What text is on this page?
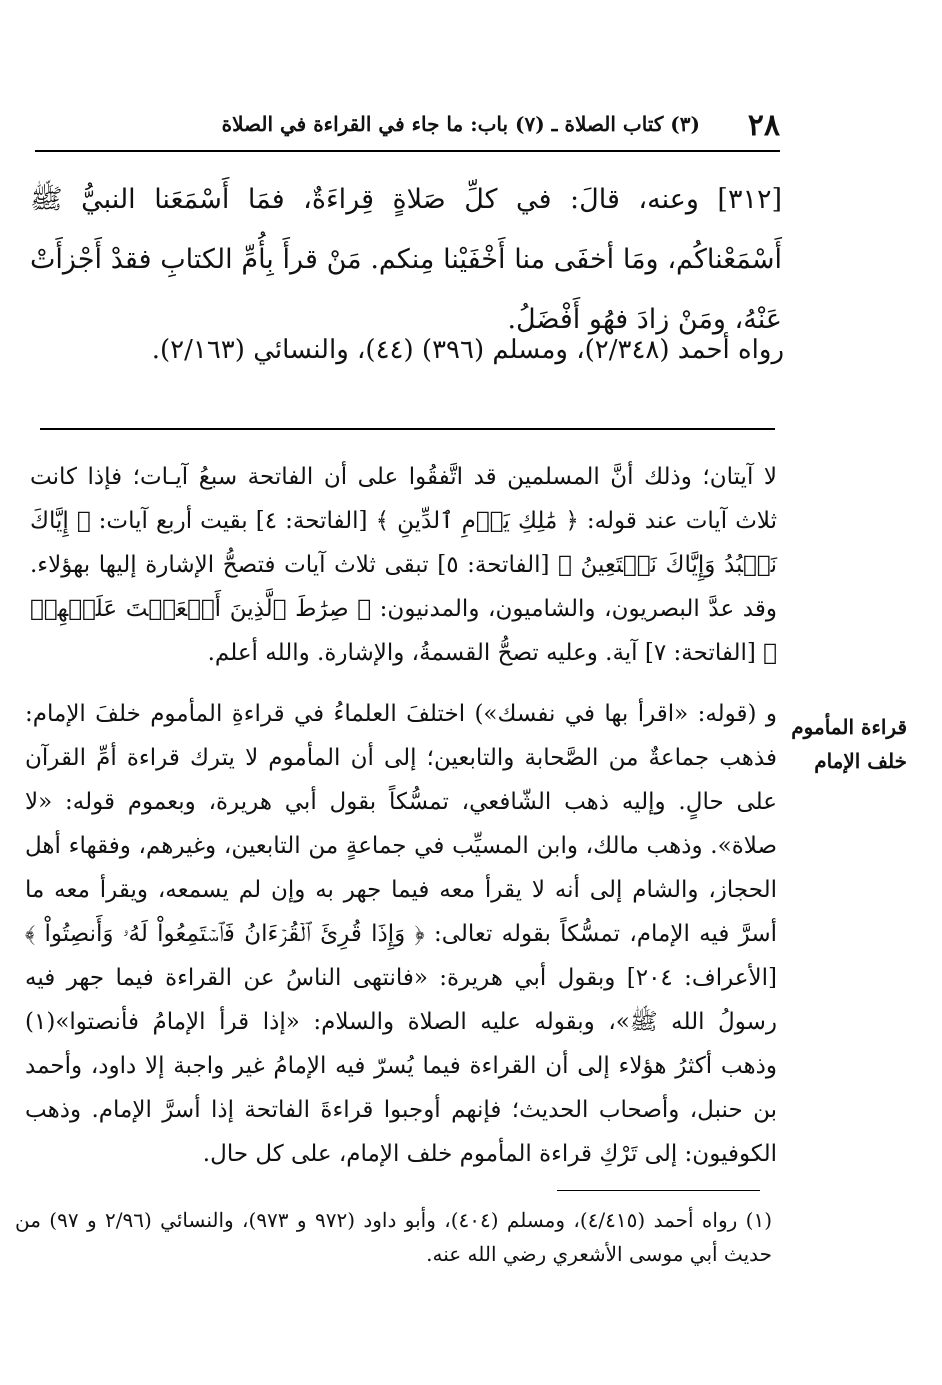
(٣) كتاب الصلاة ـ (٧) باب: ما جاء في القراءة في الصلاة ٢٨

[٣١٢] وعنه، قالَ: في كلِّ صَلاةٍ قِراءَةٌ، فمَا أَسْمَعَنا النبيُّ ﷺ أَسْمَعْناكُم، ومَا أخفَى منا أَخْفَيْنا مِنكم. مَنْ قرأَ بِأُمِّ الكتابِ فقدْ أَجْزأَتْ عَنْهُ، ومَنْ زادَ فهُو أَفْضَلُ.

رواه أحمد (٢/٣٤٨)، ومسلم (٣٩٦) (٤٤)، والنسائي (٢/١٦٣).

لا آيتان؛ وذلك أنَّ المسلمين قد اتَّفقُوا على أن الفاتحة سبعُ آيـات؛ فإذا كانت ثلاث آيات عند قوله: ﴿ مَٰلِكِ يَوۡمِ ٱلدِّينِ ﴾ [الفاتحة: ٤] بقيت أربع آيات: ﴿ إِيَّاكَ نَعۡبُدُ وَإِيَّاكَ نَسۡتَعِينُ ﴾ [الفاتحة: ٥] تبقى ثلاث آيات فتصحُّ الإشارة إليها بهؤلاء. وقد عدَّ البصريون، والشاميون، والمدنيون: ﴿ صِرَٰطَ ٱلَّذِينَ أَنۡعَمۡتَ عَلَيۡهِمۡ ﴾ [الفاتحة: ٧] آية. وعليه تصحُّ القسمةُ، والإشارة. والله أعلم.

قراءة المأموم
خلف الإمام

و (قوله: «اقرأ بها في نفسك») اختلفَ العلماءُ في قراءةِ المأموم خلفَ الإمام: فذهب جماعةٌ من الصَّحابة والتابعين؛ إلى أن المأموم لا يترك قراءة أمِّ القرآن على حالٍ. وإليه ذهب الشّافعي، تمسُّكاً بقول أبي هريرة، وبعموم قوله: «لا صلاة». وذهب مالك، وابن المسيِّب في جماعةٍ من التابعين، وغيرهم، وفقهاء أهل الحجاز، والشام إلى أنه لا يقرأ معه فيما جهر به وإن لم يسمعه، ويقرأ معه ما أسرَّ فيه الإمام، تمسُّكاً بقوله تعالى: ﴿ وَإِذَا قُرِئَ ٱلۡقُرۡءَانُ فَٱسۡتَمِعُواْ لَهُۥ وَأَنصِتُواْ ﴾ [الأعراف: ٢٠٤] وبقول أبي هريرة: «فانتهى الناسُ عن القراءة فيما جهر فيه رسولُ الله ﷺ»، وبقوله عليه الصلاة والسلام: «إذا قرأ الإمامُ فأنصتوا»(١) وذهب أكثرُ هؤلاء إلى أن القراءة فيما يُسرّ فيه الإمامُ غير واجبة إلا داود، وأحمد بن حنبل، وأصحاب الحديث؛ فإنهم أوجبوا قراءةَ الفاتحة إذا أسرَّ الإمام. وذهب الكوفيون: إلى تَرْكِ قراءة المأموم خلف الإمام، على كل حال.

(١) رواه أحمد (٤/٤١٥)، ومسلم (٤٠٤)، وأبو داود (٩٧٢ و ٩٧٣)، والنسائي (٢/٩٦ و ٩٧) من حديث أبي موسى الأشعري رضي الله عنه.
